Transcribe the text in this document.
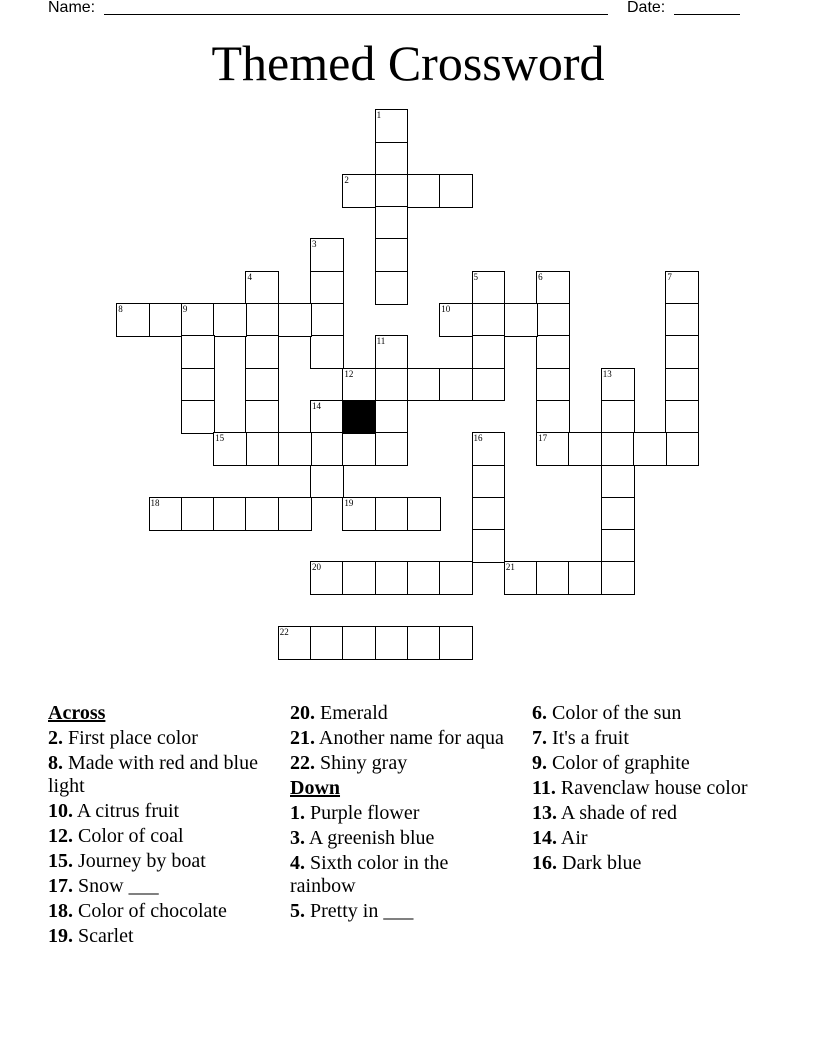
Name:	Date:
Themed Crossword
1
2
3
4	5	6
17
7
8	9	10
11
12	13
14
15	16
18	19
20	21
22
Across
2. First place color
8. Made with red and blue light
10. A citrus fruit
12. Color of coal
15. Journey by boat
17. Snow ___
18. Color of chocolate
19. Scarlet
20. Emerald
21. Another name for aqua
22. Shiny gray
Down
1. Purple flower
3. A greenish blue
4. Sixth color in the rainbow
5. Pretty in ___
6. Color of the sun
7. It's a fruit
9. Color of graphite
11. Ravenclaw house color
13. A shade of red
14. Air
16. Dark blue
